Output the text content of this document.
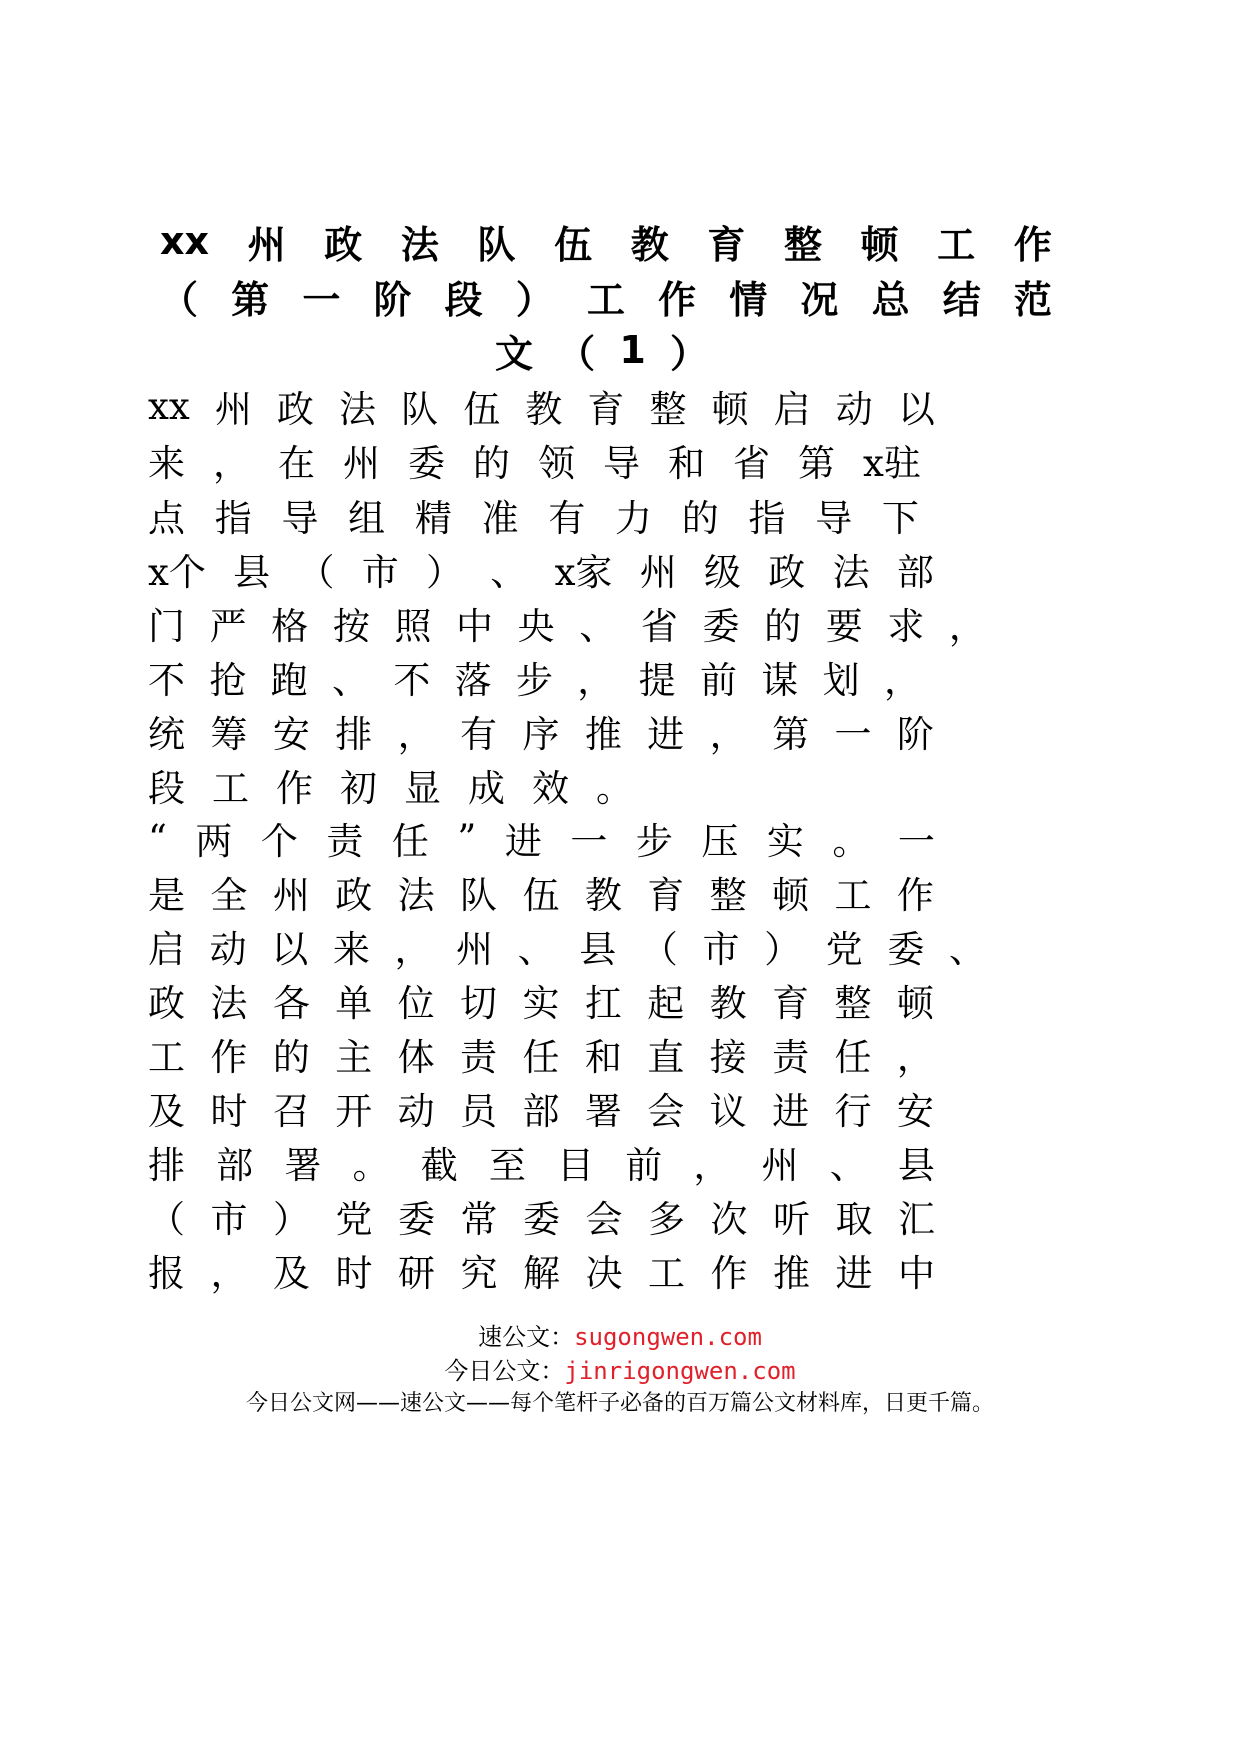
xx 州 政 法 队 伍 教 育 整 顿 工 作
（ 第 一 阶 段 ） 工 作 情 况 总 结 范
文 （ 1 ）
xx 州 政 法 队 伍 教 育 整 顿 启 动 以
来 ， 在 州 委 的 领 导 和 省 第 x驻
点 指 导 组 精 准 有 力 的 指 导 下
x个 县 （ 市 ） 、 x家 州 级 政 法 部
门 严 格 按 照 中 央 、 省 委 的 要 求 ，
不 抢 跑 、 不 落 步 ， 提 前 谋 划 ，
统 筹 安 排 ， 有 序 推 进 ， 第 一 阶
段 工 作 初 显 成 效 。
“ 两 个 责 任 ” 进 一 步 压 实 。 一
是 全 州 政 法 队 伍 教 育 整 顿 工 作
启 动 以 来 ， 州 、 县 （ 市 ） 党 委 、
政 法 各 单 位 切 实 扛 起 教 育 整 顿
工 作 的 主 体 责 任 和 直 接 责 任 ，
及 时 召 开 动 员 部 署 会 议 进 行 安
排 部 署 。 截 至 目 前 ， 州 、 县
（ 市 ） 党 委 常 委 会 多 次 听 取 汇
报 ， 及 时 研 究 解 决 工 作 推 进 中
速公文：sugongwen.com
今日公文：jinrigongwen.com
今日公文网——速公文——每个笔杆子必备的百万篇公文材料库，日更千篇。
